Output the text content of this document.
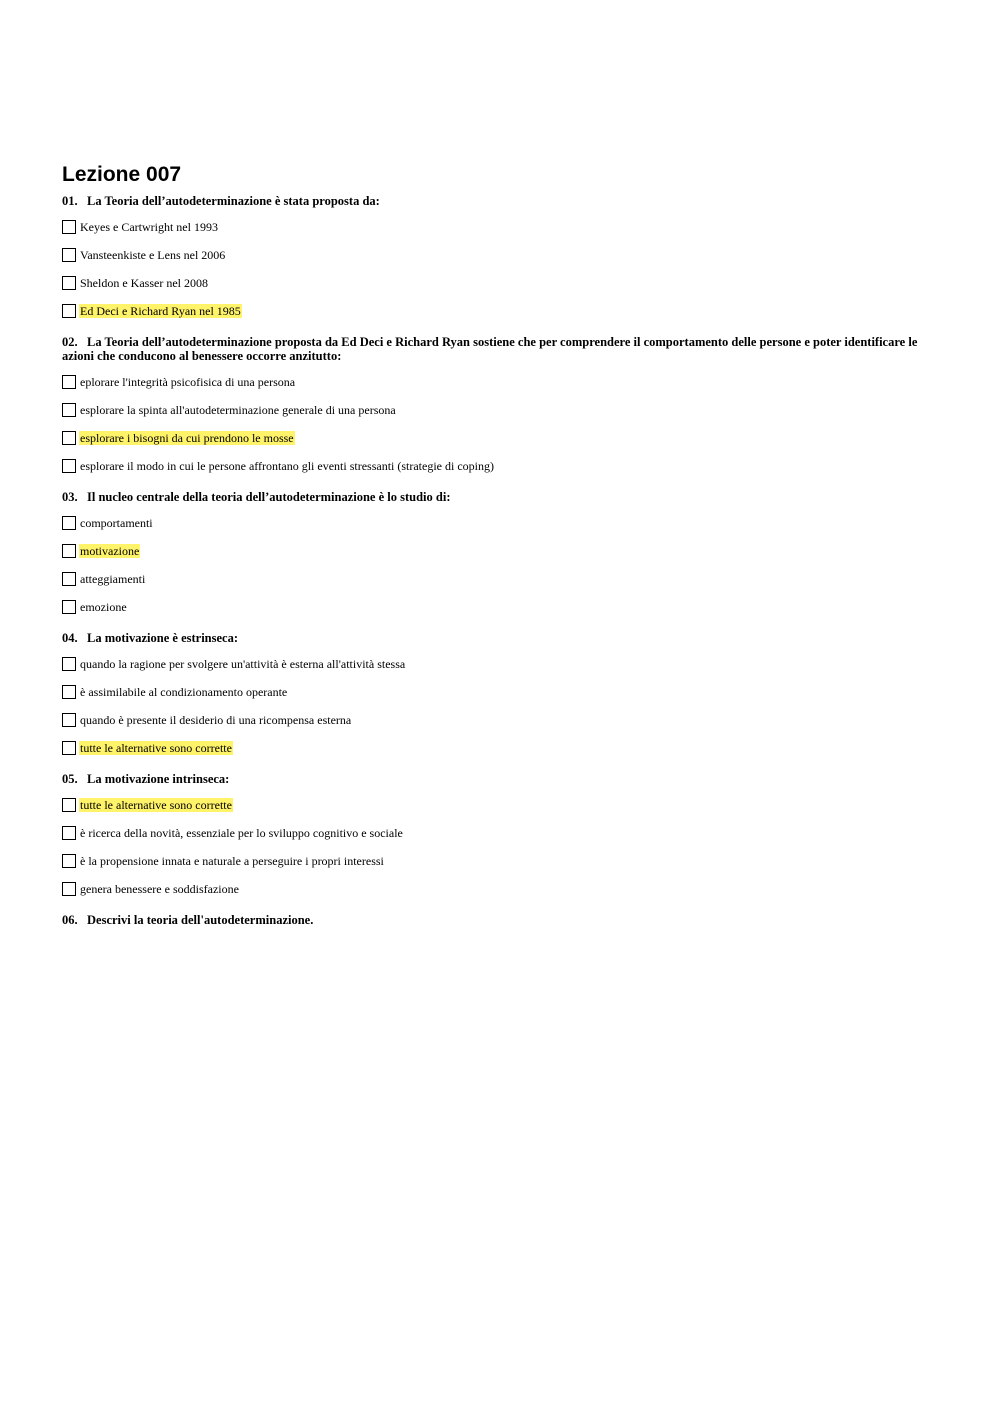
Lezione 007

01. La Teoria dell’autodeterminazione è stata proposta da:

Keyes e Cartwright nel 1993
Vansteenkiste e Lens nel 2006
Sheldon e Kasser nel 2008
Ed Deci e Richard Ryan nel 1985

02. La Teoria dell’autodeterminazione proposta da Ed Deci e Richard Ryan sostiene che per comprendere il comportamento delle persone e poter identificare le azioni che conducono al benessere occorre anzitutto:

eplorare l'integrità psicofisica di una persona
esplorare la spinta all'autodeterminazione generale di una persona
esplorare i bisogni da cui prendono le mosse
esplorare il modo in cui le persone affrontano gli eventi stressanti (strategie di coping)

03. Il nucleo centrale della teoria dell’autodeterminazione è lo studio di:

comportamenti
motivazione
atteggiamenti
emozione

04. La motivazione è estrinseca:

quando la ragione per svolgere un'attività è esterna all'attività stessa
è assimilabile al condizionamento operante
quando è presente il desiderio di una ricompensa esterna
tutte le alternative sono corrette

05. La motivazione intrinseca:

tutte le alternative sono corrette
è ricerca della novità, essenziale per lo sviluppo cognitivo e sociale
è la propensione innata e naturale a perseguire i propri interessi
genera benessere e soddisfazione

06. Descrivi la teoria dell'autodeterminazione.
